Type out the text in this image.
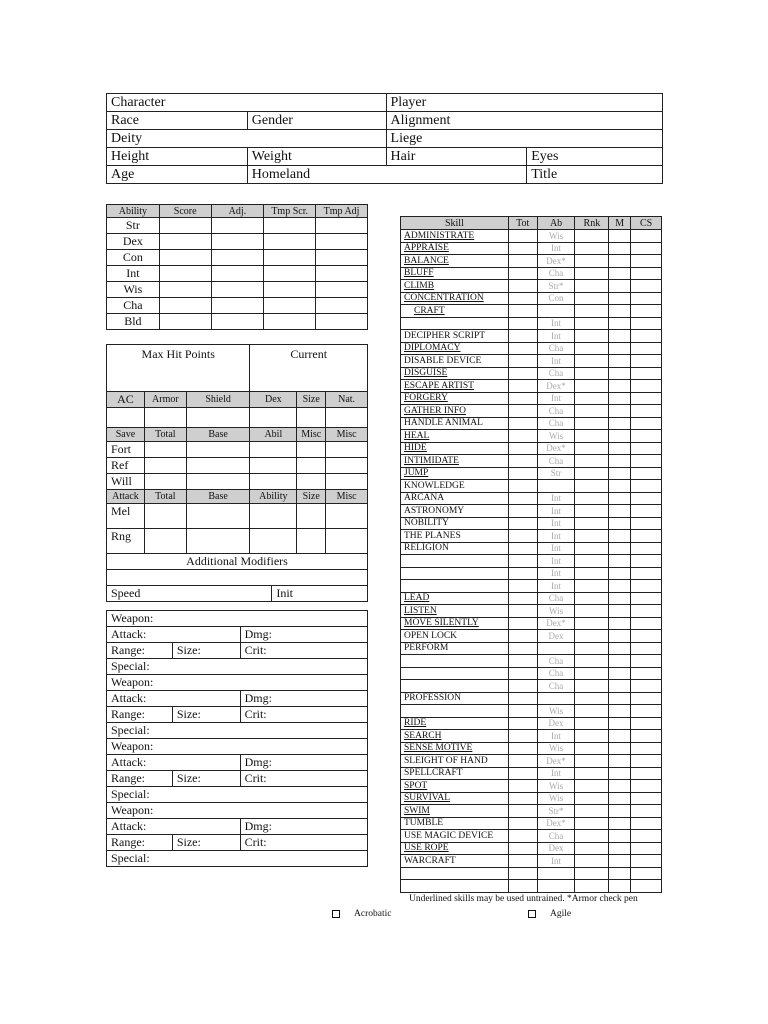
Character		Player	
Race	Gender	Alignment	
Deity		Liege	
Height	Weight	Hair	Eyes
Age	Homeland		Title
Ability	Score	Adj.	Tmp Scr.	Tmp Adj
Str				
Dex				
Con				
Int				
Wis				
Cha				
Bld				
Max Hit Points			Current			
AC	Armor	Shield	Dex		Size	Nat.

Save	Total	Base	Abil		Misc	Misc
Fort						
Ref						
Will						
Attack	Total	Base	Ability		Size	Misc
Mel						
Rng						
Additional Modifiers						

Speed				Init		
Weapon:		
Attack:		Dmg:
Range:	Size:	Crit:
Special:		
Weapon:		
Attack:		Dmg:
Range:	Size:	Crit:
Special:		
Weapon:		
Attack:		Dmg:
Range:	Size:	Crit:
Special:		
Weapon:		
Attack:		Dmg:
Range:	Size:	Crit:
Special:		
Skill	Tot	Ab	Rnk	M	CS
ADMINISTRATE		Wis			
APPRAISE		Int			
BALANCE		Dex*			
BLUFF		Cha			
CLIMB		Str*			
CONCENTRATION		Con			
CRAFT					
		Int			
DECIPHER SCRIPT		Int			
DIPLOMACY		Cha			
DISABLE DEVICE		Int			
DISGUISE		Cha			
ESCAPE ARTIST		Dex*			
FORGERY		Int			
GATHER INFO		Cha			
HANDLE ANIMAL		Cha			
HEAL		Wis			
HIDE		Dex*			
INTIMIDATE		Cha			
JUMP		Str			
KNOWLEDGE					
ARCANA		Int			
ASTRONOMY		Int			
NOBILITY		Int			
THE PLANES		Int			
RELIGION		Int			
		Int			
		Int			
		Int			
LEAD		Cha			
LISTEN		Wis			
MOVE SILENTLY		Dex*			
OPEN LOCK		Dex			
PERFORM					
		Cha			
		Cha			
		Cha			
PROFESSION					
		Wis			
RIDE		Dex			
SEARCH		Int			
SENSE MOTIVE		Wis			
SLEIGHT OF HAND		Dex*			
SPELLCRAFT		Int			
SPOT		Wis			
SURVIVAL		Wis			
SWIM		Str*			
TUMBLE		Dex*			
USE MAGIC DEVICE		Cha			
USE ROPE		Dex			
WARCRAFT		Int			

Underlined skills may be used untrained. *Armor check pen
Acrobatic	Agile
